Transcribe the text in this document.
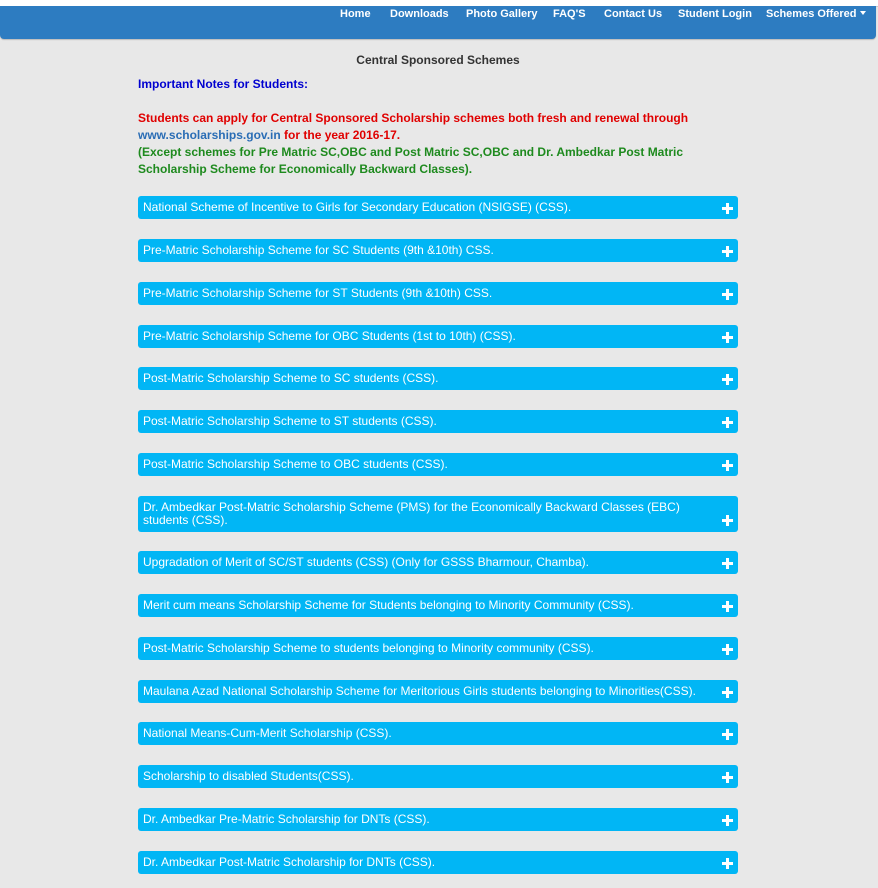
Home Downloads Photo Gallery FAQ'S Contact Us Student Login Schemes Offered
Central Sponsored Schemes
Important Notes for Students:
Students can apply for Central Sponsored Scholarship schemes both fresh and renewal through
www.scholarships.gov.in for the year 2016-17.
(Except schemes for Pre Matric SC,OBC and Post Matric SC,OBC and Dr. Ambedkar Post Matric Scholarship Scheme for Economically Backward Classes).
National Scheme of Incentive to Girls for Secondary Education (NSIGSE) (CSS).
Pre-Matric Scholarship Scheme for SC Students (9th &10th) CSS.
Pre-Matric Scholarship Scheme for ST Students (9th &10th) CSS.
Pre-Matric Scholarship Scheme for OBC Students (1st to 10th) (CSS).
Post-Matric Scholarship Scheme to SC students (CSS).
Post-Matric Scholarship Scheme to ST students (CSS).
Post-Matric Scholarship Scheme to OBC students (CSS).
Dr. Ambedkar Post-Matric Scholarship Scheme (PMS) for the Economically Backward Classes (EBC) students (CSS).
Upgradation of Merit of SC/ST students (CSS) (Only for GSSS Bharmour, Chamba).
Merit cum means Scholarship Scheme for Students belonging to Minority Community (CSS).
Post-Matric Scholarship Scheme to students belonging to Minority community (CSS).
Maulana Azad National Scholarship Scheme for Meritorious Girls students belonging to Minorities(CSS).
National Means-Cum-Merit Scholarship (CSS).
Scholarship to disabled Students(CSS).
Dr. Ambedkar Pre-Matric Scholarship for DNTs (CSS).
Dr. Ambedkar Post-Matric Scholarship for DNTs (CSS).
